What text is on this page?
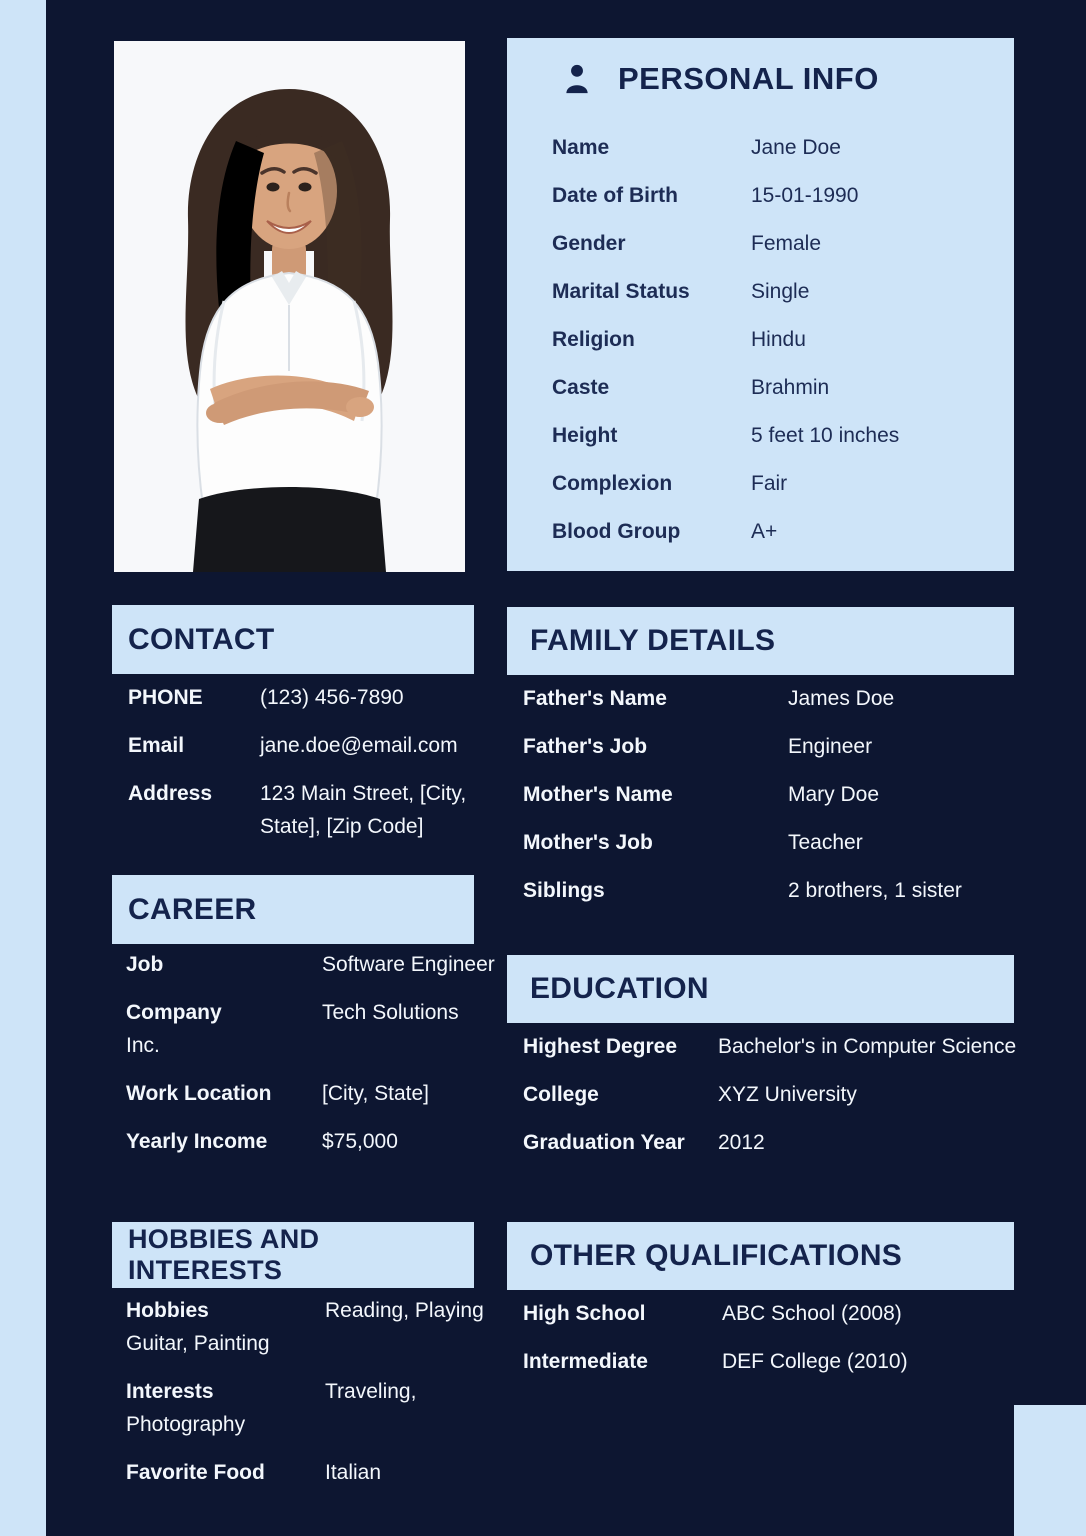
PERSONAL INFO
Name	Jane Doe
Date of Birth	15-01-1990
Gender	Female
Marital Status	Single
Religion	Hindu
Caste	Brahmin
Height	5 feet 10 inches
Complexion	Fair
Blood Group	A+
CONTACT
PHONE	(123) 456-7890
Email	jane.doe@email.com
Address	123 Main Street, [City, State], [Zip Code]
FAMILY DETAILS
Father's Name	James Doe
Father's Job	Engineer
Mother's Name	Mary Doe
Mother's Job	Teacher
Siblings	2 brothers, 1 sister
CAREER

Job	Software Engineer

Company	Tech Solutions Inc.

Work Location [City, State]

Yearly Income	$75,000

EDUCATION
Highest Degree	Bachelor's in Computer Science
College	XYZ University
Graduation Year	2012
HOBBIES AND INTERESTS

Hobbies	Reading, Playing Guitar, Painting

Interests	Traveling, Photography

Favorite Food	Italian

OTHER QUALIFICATIONS
High School	ABC School (2008)
Intermediate	DEF College (2010)
